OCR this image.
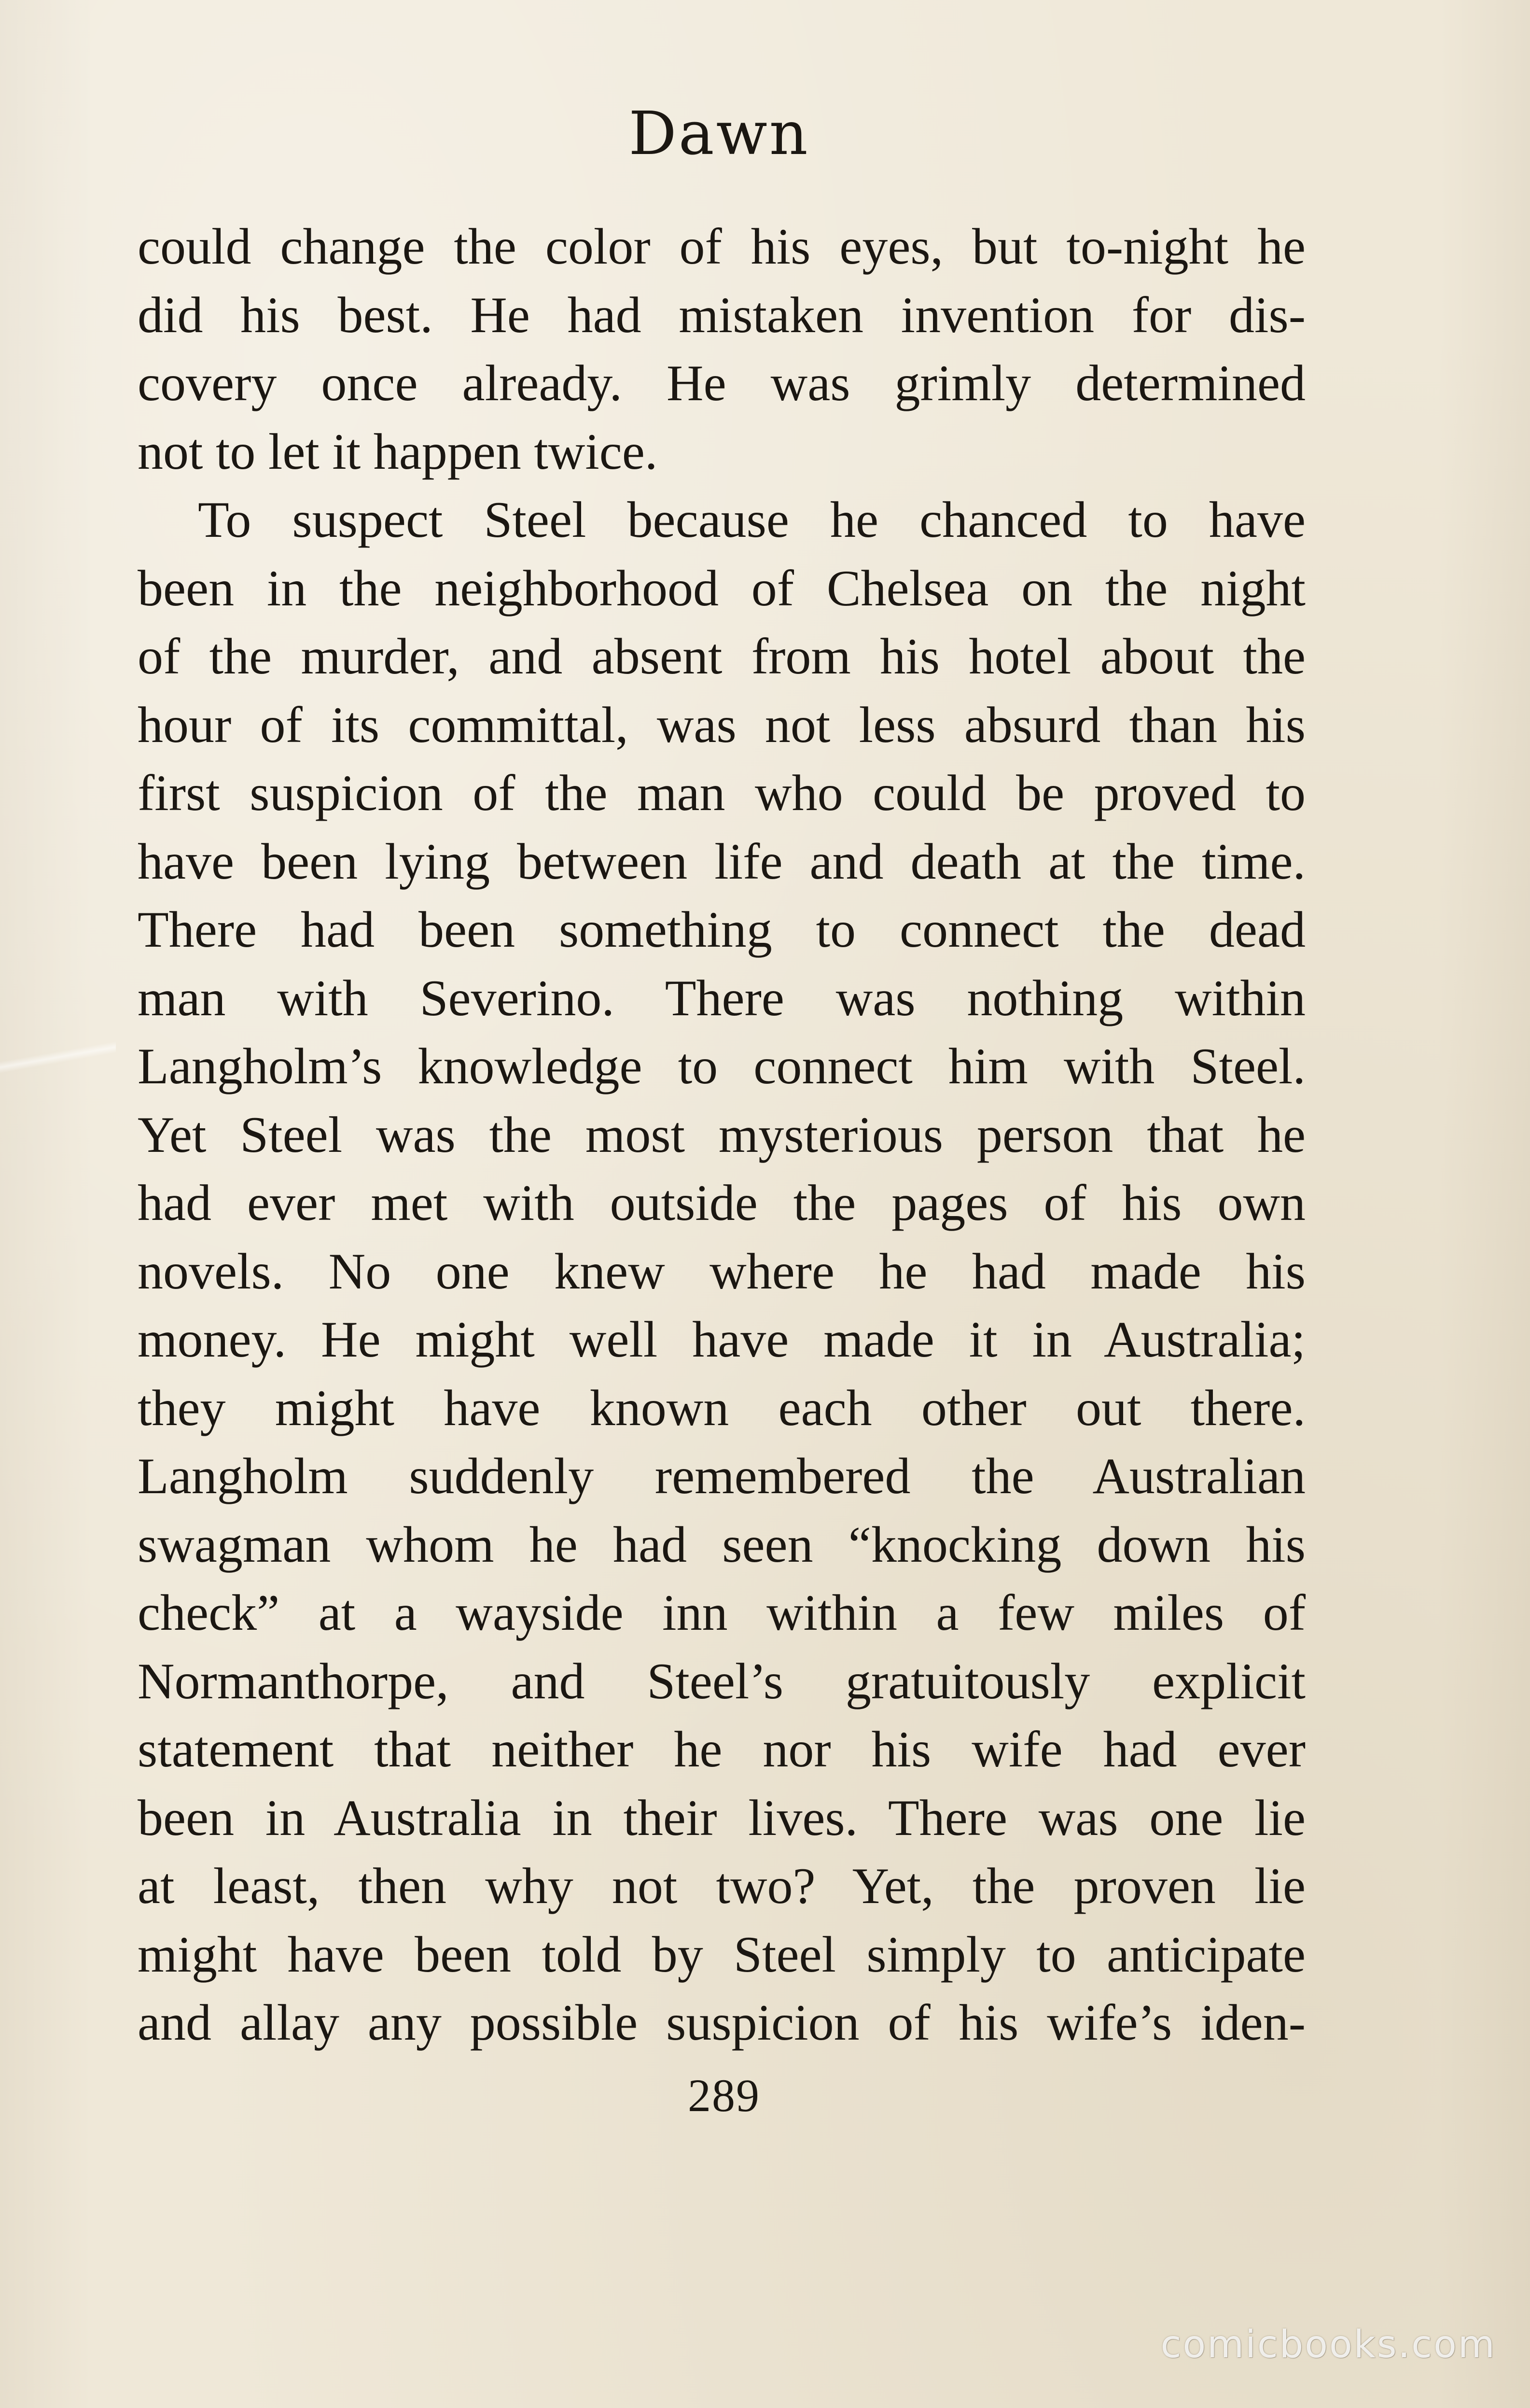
Dawn
could change the color of his eyes, but to-night he
did his best. He had mistaken invention for dis-
covery once already. He was grimly determined
not to let it happen twice.
To suspect Steel because he chanced to have
been in the neighborhood of Chelsea on the night
of the murder, and absent from his hotel about the
hour of its committal, was not less absurd than his
first suspicion of the man who could be proved to
have been lying between life and death at the time.
There had been something to connect the dead
man with Severino. There was nothing within
Langholm’s knowledge to connect him with Steel.
Yet Steel was the most mysterious person that he
had ever met with outside the pages of his own
novels. No one knew where he had made his
money. He might well have made it in Australia;
they might have known each other out there.
Langholm suddenly remembered the Australian
swagman whom he had seen “knocking down his
check” at a wayside inn within a few miles of
Normanthorpe, and Steel’s gratuitously explicit
statement that neither he nor his wife had ever
been in Australia in their lives. There was one lie
at least, then why not two? Yet, the proven lie
might have been told by Steel simply to anticipate
and allay any possible suspicion of his wife’s iden-
289
comicbooks.com
